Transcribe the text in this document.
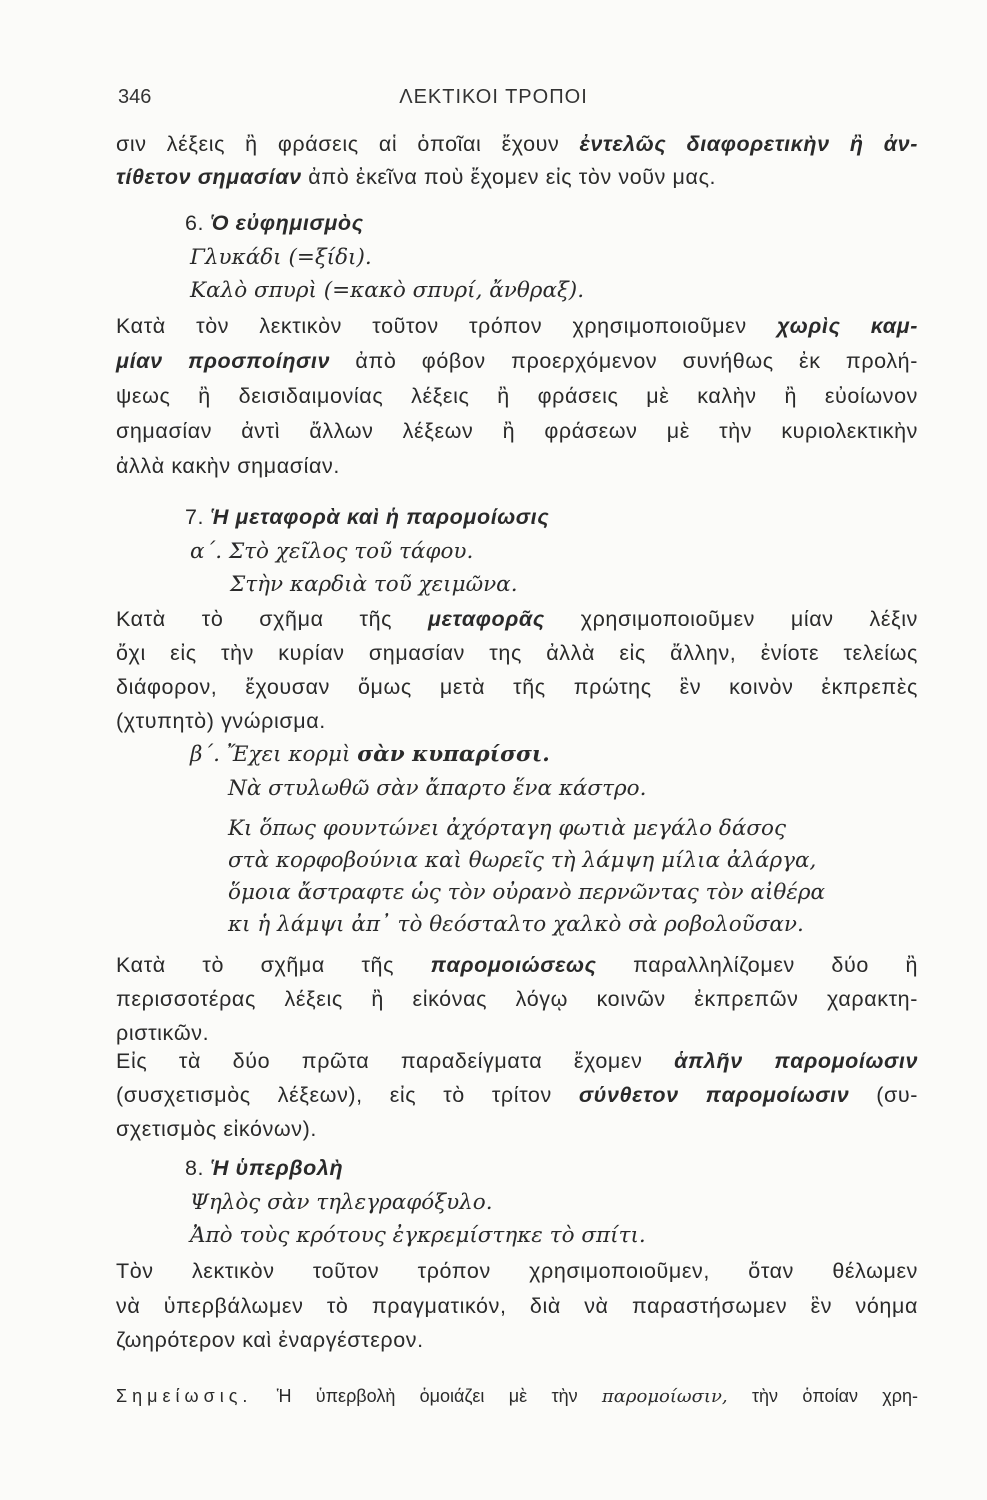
346	ΛΕΚΤΙΚΟΙ ΤΡΟΠΟΙ
σιν λέξεις ἢ φράσεις αἱ ὁποῖαι ἔχουν ἐντελῶς διαφορετικὴν ἢ ἀν-
τίθετον σημασίαν ἀπὸ ἐκεῖνα ποὺ ἔχομεν εἰς τὸν νοῦν μας.
6. Ὁ εὐφημισμὸς
Γλυκάδι (=ξίδι).
Καλὸ σπυρὶ (=κακὸ σπυρί, ἄνθραξ).
Κατὰ τὸν λεκτικὸν τοῦτον τρόπον χρησιμοποιοῦμεν χωρὶς καμ-
μίαν προσποίησιν ἀπὸ φόβον προερχόμενον συνήθως ἐκ προλή-
ψεως ἢ δεισιδαιμονίας λέξεις ἢ φράσεις μὲ καλὴν ἢ εὐοίωνον
σημασίαν ἀντὶ ἄλλων λέξεων ἢ φράσεων μὲ τὴν κυριολεκτικὴν
ἀλλὰ κακὴν σημασίαν.
7. Ἡ μεταφορὰ καὶ ἡ παρομοίωσις
α΄. Στὸ χεῖλος τοῦ τάφου.
Στὴν καρδιὰ τοῦ χειμῶνα.
Κατὰ τὸ σχῆμα τῆς μεταφορᾶς χρησιμοποιοῦμεν μίαν λέξιν
ὄχι εἰς τὴν κυρίαν σημασίαν της ἀλλὰ εἰς ἄλλην, ἐνίοτε τελείως
διάφορον, ἔχουσαν ὅμως μετὰ τῆς πρώτης ἓν κοινὸν ἐκπρεπὲς
(χτυπητὸ) γνώρισμα.
β΄. Ἔχει κορμὶ σὰν κυπαρίσσι.
Νὰ στυλωθῶ σὰν ἄπαρτο ἕνα κάστρο.
Κι ὅπως φουντώνει ἀχόρταγη φωτιὰ μεγάλο δάσος
στὰ κορφοβούνια καὶ θωρεῖς τὴ λάμψη μίλια ἀλάργα,
ὅμοια ἄστραφτε ὡς τὸν οὐρανὸ περνῶντας τὸν αἰθέρα
κι ἡ λάμψι ἀπ᾽ τὸ θεόσταλτο χαλκὸ σὰ ροβολοῦσαν.
Κατὰ τὸ σχῆμα τῆς παρομοιώσεως παραλληλίζομεν δύο ἢ
περισσοτέρας λέξεις ἢ εἰκόνας λόγῳ κοινῶν ἐκπρεπῶν χαρακτη-
ριστικῶν.
Εἰς τὰ δύο πρῶτα παραδείγματα ἔχομεν ἁπλῆν παρομοίωσιν
(συσχετισμὸς λέξεων), εἰς τὸ τρίτον σύνθετον παρομοίωσιν (συ-
σχετισμὸς εἰκόνων).
8. Ἡ ὑπερβολὴ
Ψηλὸς σὰν τηλεγραφόξυλο.
Ἀπὸ τοὺς κρότους ἐγκρεμίστηκε τὸ σπίτι.
Τὸν λεκτικὸν τοῦτον τρόπον χρησιμοποιοῦμεν, ὅταν θέλωμεν
νὰ ὑπερβάλωμεν τὸ πραγματικόν, διὰ νὰ παραστήσωμεν ἓν νόημα
ζωηρότερον καὶ ἐναργέστερον.
Σημείωσις. Ἡ ὑπερβολὴ ὁμοιάζει μὲ τὴν παρομοίωσιν, τὴν ὁποίαν χρη-
